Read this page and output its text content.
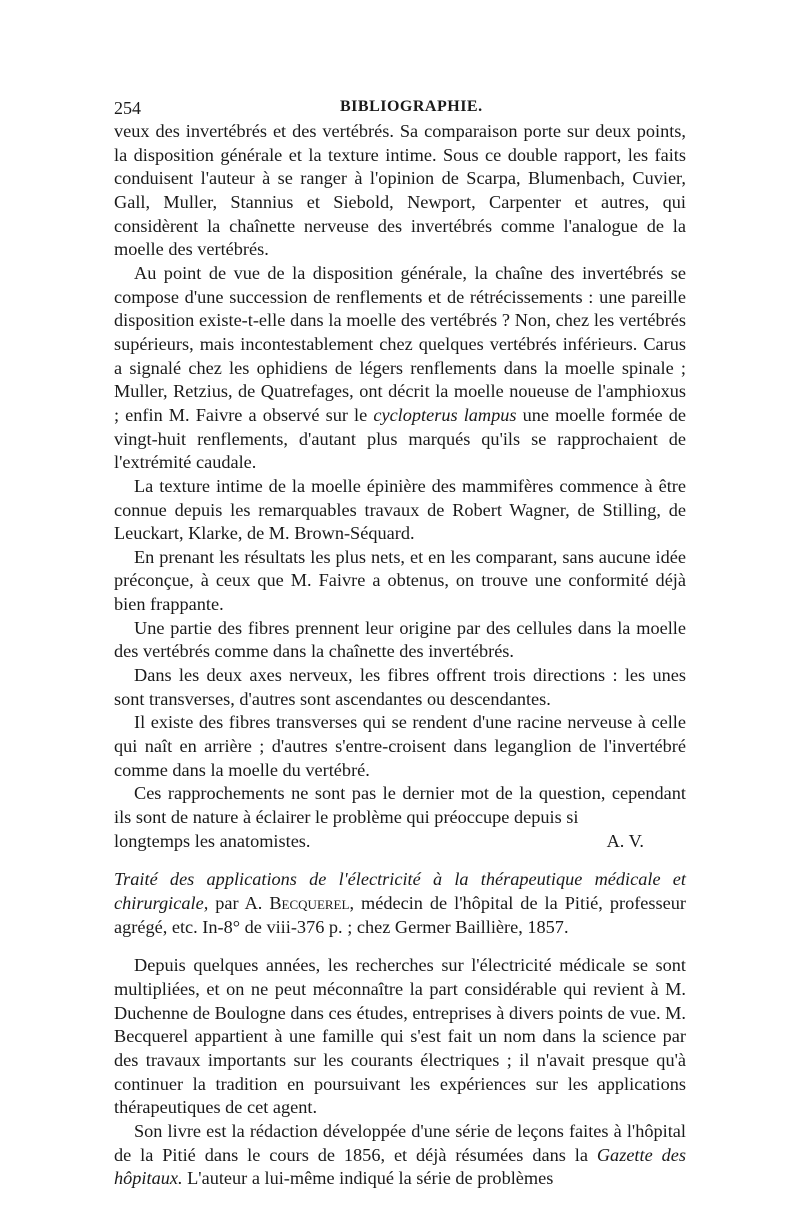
254	BIBLIOGRAPHIE.

veux des invertébrés et des vertébrés. Sa comparaison porte sur deux points, la disposition générale et la texture intime. Sous ce double rapport, les faits conduisent l'auteur à se ranger à l'opinion de Scarpa, Blumenbach, Cuvier, Gall, Muller, Stannius et Siebold, Newport, Carpenter et autres, qui considèrent la chaînette nerveuse des invertébrés comme l'analogue de la moelle des vertébrés.

Au point de vue de la disposition générale, la chaîne des invertébrés se compose d'une succession de renflements et de rétrécissements : une pareille disposition existe-t-elle dans la moelle des vertébrés ? Non, chez les vertébrés supérieurs, mais incontestablement chez quelques vertébrés inférieurs. Carus a signalé chez les ophidiens de légers renflements dans la moelle spinale ; Muller, Retzius, de Quatrefages, ont décrit la moelle noueuse de l'amphioxus ; enfin M. Faivre a observé sur le cyclopterus lampus une moelle formée de vingt-huit renflements, d'autant plus marqués qu'ils se rapprochaient de l'extrémité caudale.

La texture intime de la moelle épinière des mammifères commence à être connue depuis les remarquables travaux de Robert Wagner, de Stilling, de Leuckart, Klarke, de M. Brown-Séquard.

En prenant les résultats les plus nets, et en les comparant, sans aucune idée préconçue, à ceux que M. Faivre a obtenus, on trouve une conformité déjà bien frappante.

Une partie des fibres prennent leur origine par des cellules dans la moelle des vertébrés comme dans la chaînette des invertébrés.

Dans les deux axes nerveux, les fibres offrent trois directions : les unes sont transverses, d'autres sont ascendantes ou descendantes.

Il existe des fibres transverses qui se rendent d'une racine nerveuse à celle qui naît en arrière ; d'autres s'entre-croisent dans leganglion de l'invertébré comme dans la moelle du vertébré.

Ces rapprochements ne sont pas le dernier mot de la question, cependant ils sont de nature à éclairer le problème qui préoccupe depuis si

longtemps les anatomistes.	A. V.

Traité des applications de l'électricité à la thérapeutique médicale et chirurgicale, par A. Becquerel, médecin de l'hôpital de la Pitié, professeur agrégé, etc. In-8° de viii-376 p. ; chez Germer Baillière, 1857.

Depuis quelques années, les recherches sur l'électricité médicale se sont multipliées, et on ne peut méconnaître la part considérable qui revient à M. Duchenne de Boulogne dans ces études, entreprises à divers points de vue. M. Becquerel appartient à une famille qui s'est fait un nom dans la science par des travaux importants sur les courants électriques ; il n'avait presque qu'à continuer la tradition en poursuivant les expériences sur les applications thérapeutiques de cet agent.

Son livre est la rédaction développée d'une série de leçons faites à l'hôpital de la Pitié dans le cours de 1856, et déjà résumées dans la Gazette des hôpitaux. L'auteur a lui-même indiqué la série de problèmes
